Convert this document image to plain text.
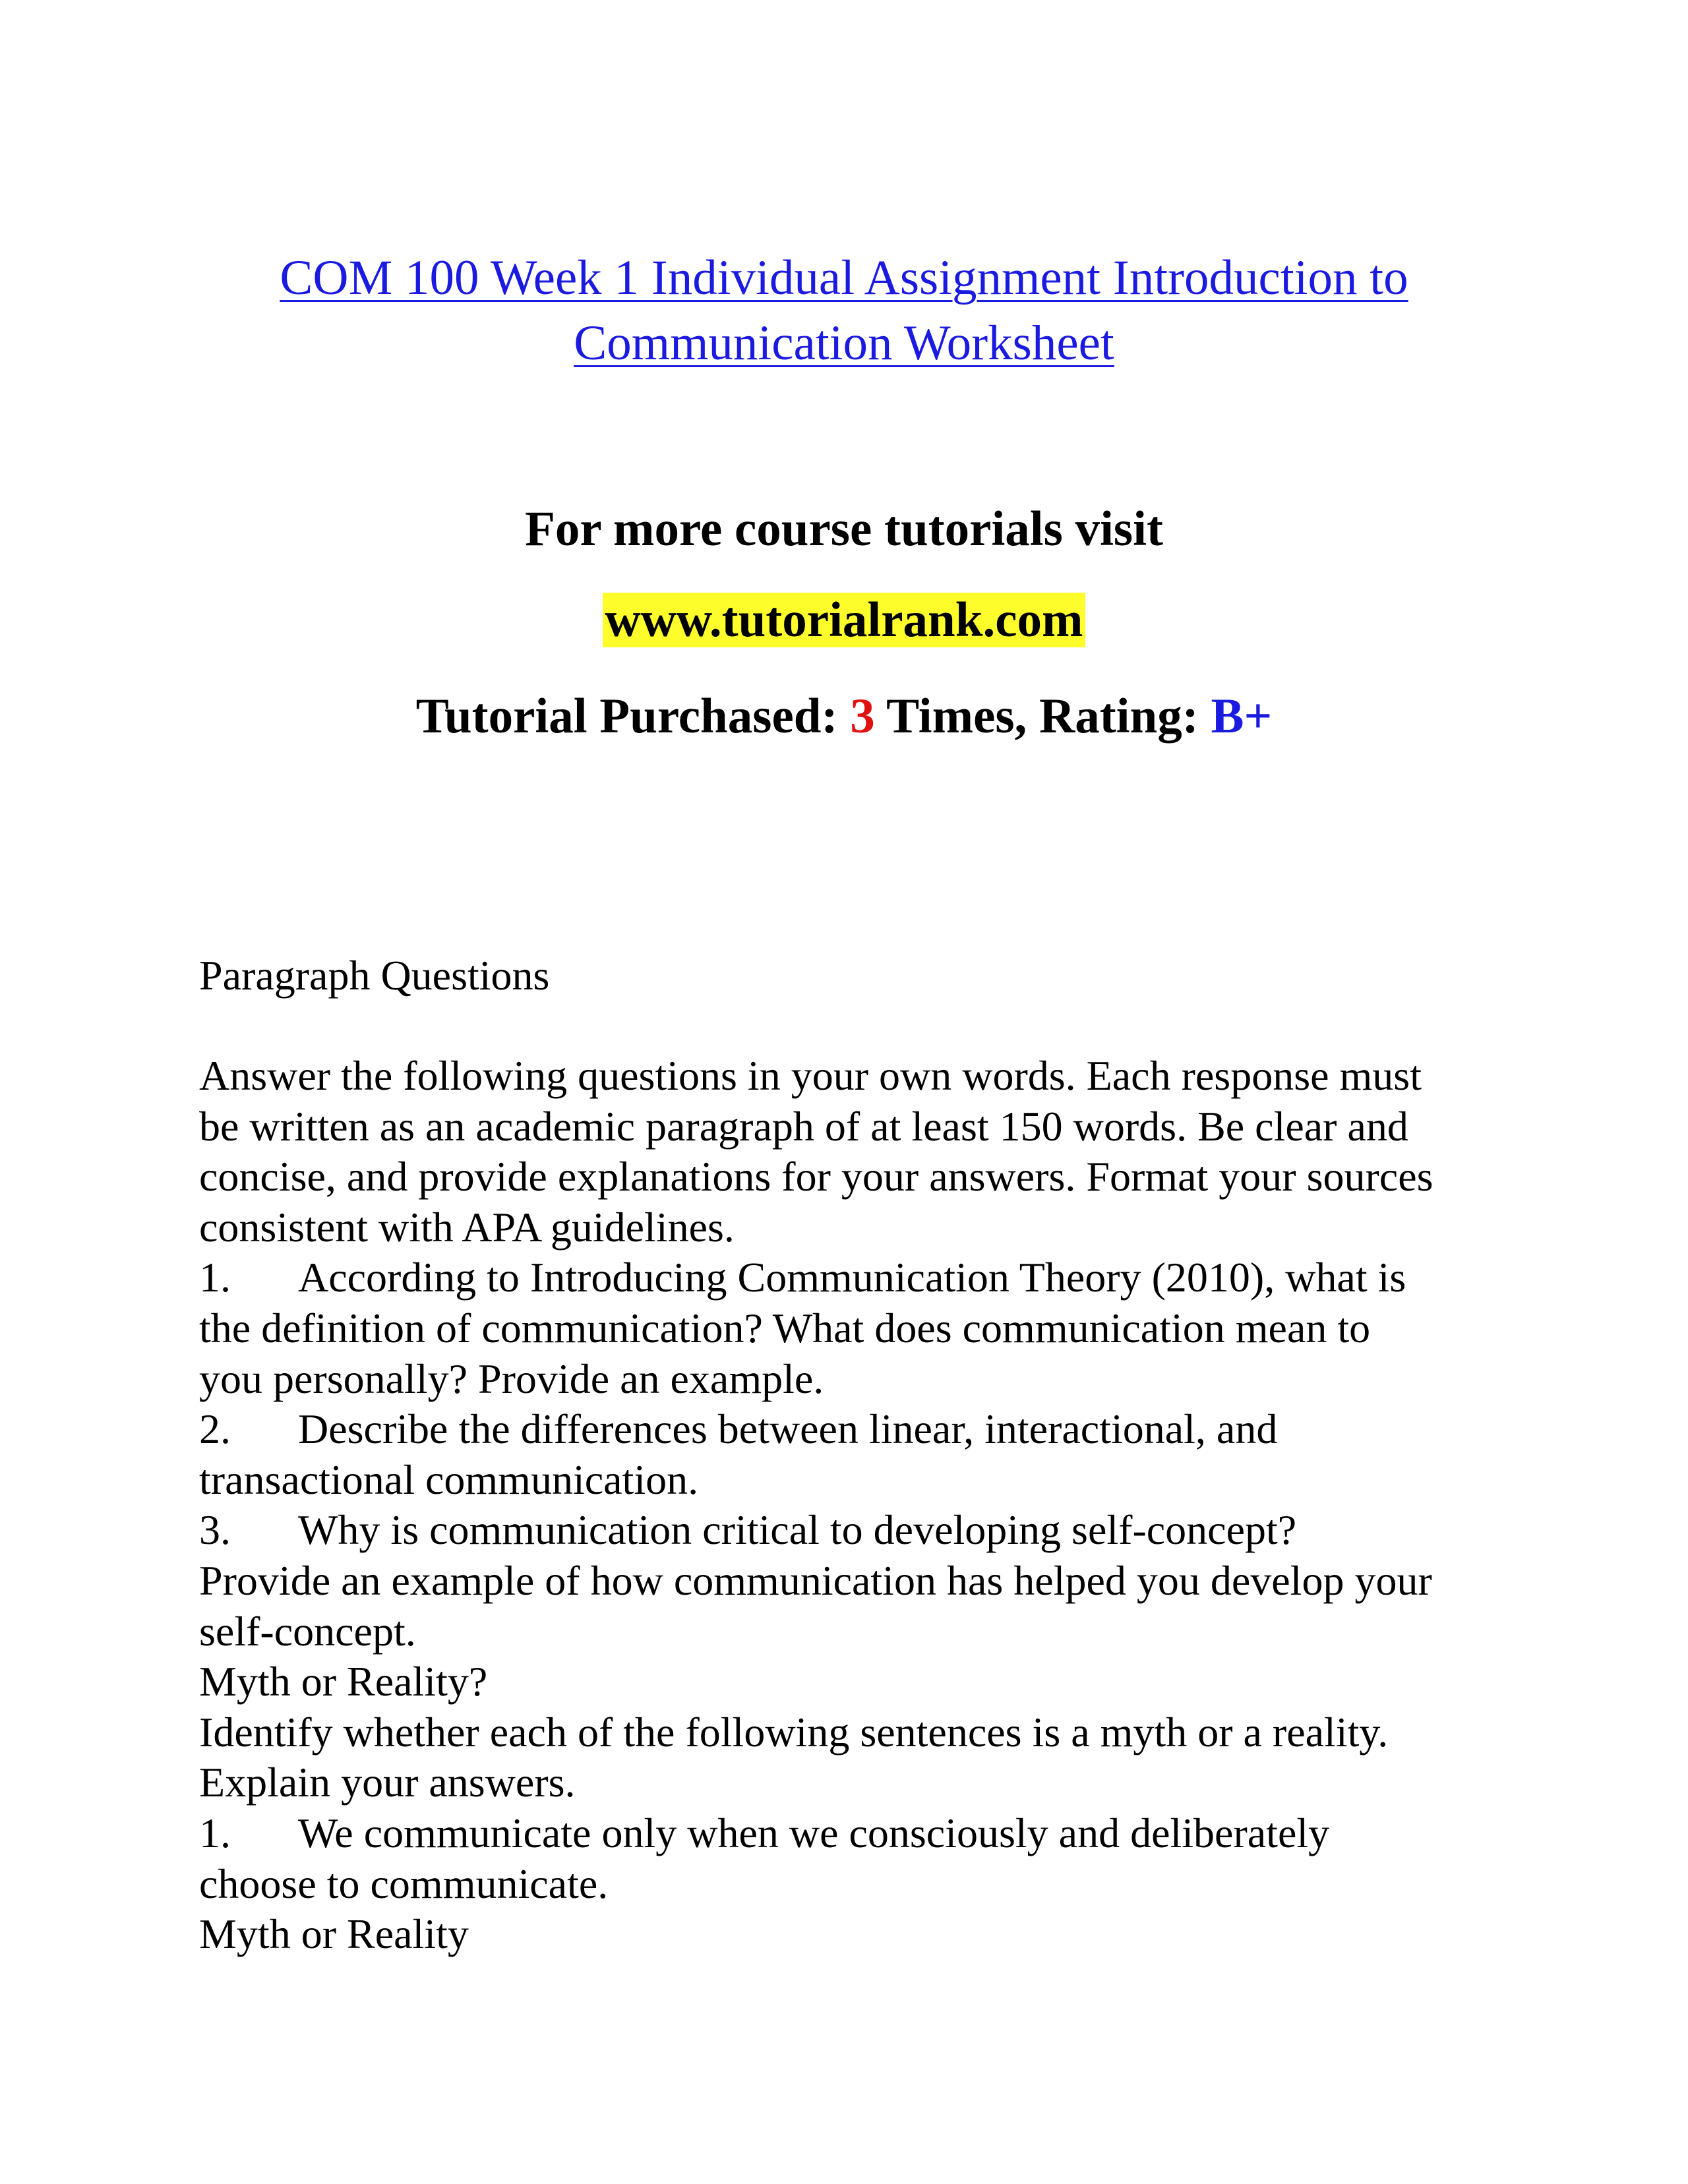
COM 100 Week 1 Individual Assignment Introduction to
Communication Worksheet
For more course tutorials visit
www.tutorialrank.com
Tutorial Purchased: 3 Times, Rating: B+
Paragraph Questions

Answer the following questions in your own words. Each response must
be written as an academic paragraph of at least 150 words. Be clear and
concise, and provide explanations for your answers. Format your sources
consistent with APA guidelines.

1. According to Introducing Communication Theory (2010), what is
the definition of communication? What does communication mean to
you personally? Provide an example.

2. Describe the differences between linear, interactional, and
transactional communication.

3. Why is communication critical to developing self-concept?
Provide an example of how communication has helped you develop your
self-concept.

Myth or Reality?

Identify whether each of the following sentences is a myth or a reality.
Explain your answers.

1. We communicate only when we consciously and deliberately
choose to communicate.

Myth or Reality
